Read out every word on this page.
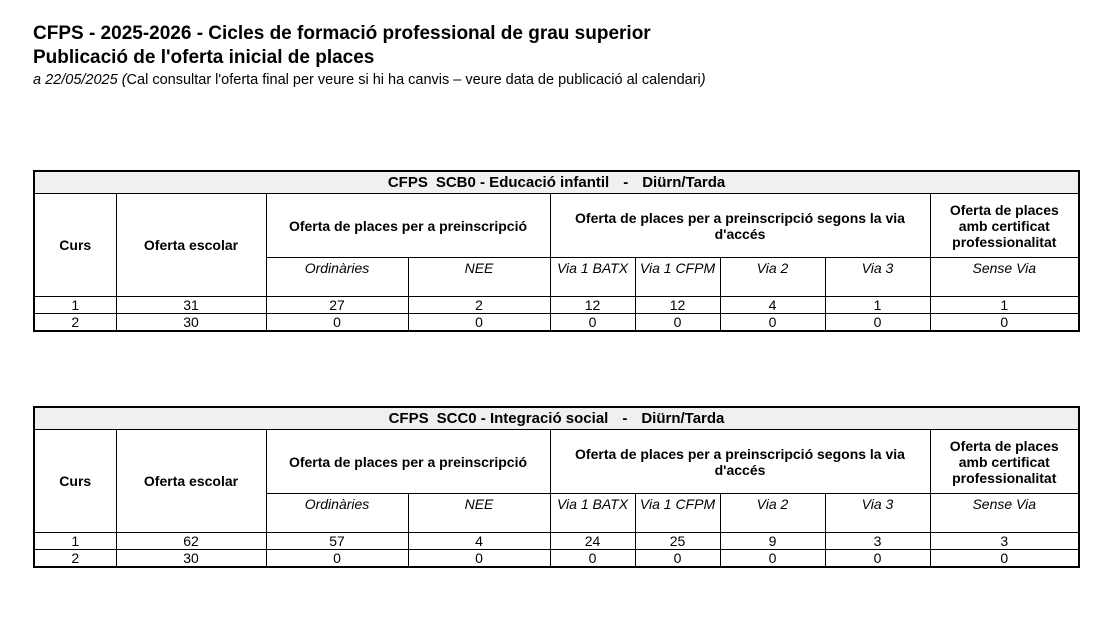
CFPS - 2025-2026 - Cicles de formació professional de grau superior
Publicació de l'oferta inicial de places
a 22/05/2025 (Cal consultar l'oferta final per veure si hi ha canvis – veure data de publicació al calendari)
CFPS SCB0 - Educació infantil - Diürn/Tarda								
Curs	Oferta escolar	Oferta de places per a preinscripció		Oferta de places per a preinscripció segons la via d'accés				Oferta de places amb certificat professionalitat
		Ordinàries	NEE	Via 1 BATX	Via 1 CFPM	Via 2	Via 3	Sense Via
1	31	27	2	12	12	4	1	1
2	30	0	0	0	0	0	0	0
CFPS SCC0 - Integració social - Diürn/Tarda								
Curs	Oferta escolar	Oferta de places per a preinscripció		Oferta de places per a preinscripció segons la via d'accés				Oferta de places amb certificat professionalitat
		Ordinàries	NEE	Via 1 BATX	Via 1 CFPM	Via 2	Via 3	Sense Via
1	62	57	4	24	25	9	3	3
2	30	0	0	0	0	0	0	0
